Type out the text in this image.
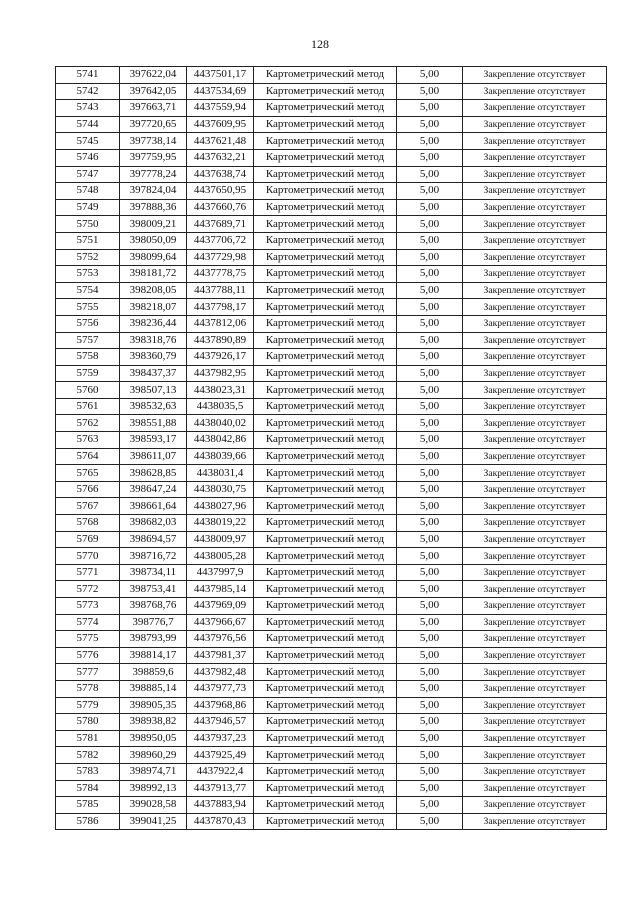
128
5741	397622,04	4437501,17	Картометрический метод	5,00	Закрепление отсутствует
5742	397642,05	4437534,69	Картометрический метод	5,00	Закрепление отсутствует
5743	397663,71	4437559,94	Картометрический метод	5,00	Закрепление отсутствует
5744	397720,65	4437609,95	Картометрический метод	5,00	Закрепление отсутствует
5745	397738,14	4437621,48	Картометрический метод	5,00	Закрепление отсутствует
5746	397759,95	4437632,21	Картометрический метод	5,00	Закрепление отсутствует
5747	397778,24	4437638,74	Картометрический метод	5,00	Закрепление отсутствует
5748	397824,04	4437650,95	Картометрический метод	5,00	Закрепление отсутствует
5749	397888,36	4437660,76	Картометрический метод	5,00	Закрепление отсутствует
5750	398009,21	4437689,71	Картометрический метод	5,00	Закрепление отсутствует
5751	398050,09	4437706,72	Картометрический метод	5,00	Закрепление отсутствует
5752	398099,64	4437729,98	Картометрический метод	5,00	Закрепление отсутствует
5753	398181,72	4437778,75	Картометрический метод	5,00	Закрепление отсутствует
5754	398208,05	4437788,11	Картометрический метод	5,00	Закрепление отсутствует
5755	398218,07	4437798,17	Картометрический метод	5,00	Закрепление отсутствует
5756	398236,44	4437812,06	Картометрический метод	5,00	Закрепление отсутствует
5757	398318,76	4437890,89	Картометрический метод	5,00	Закрепление отсутствует
5758	398360,79	4437926,17	Картометрический метод	5,00	Закрепление отсутствует
5759	398437,37	4437982,95	Картометрический метод	5,00	Закрепление отсутствует
5760	398507,13	4438023,31	Картометрический метод	5,00	Закрепление отсутствует
5761	398532,63	4438035,5	Картометрический метод	5,00	Закрепление отсутствует
5762	398551,88	4438040,02	Картометрический метод	5,00	Закрепление отсутствует
5763	398593,17	4438042,86	Картометрический метод	5,00	Закрепление отсутствует
5764	398611,07	4438039,66	Картометрический метод	5,00	Закрепление отсутствует
5765	398628,85	4438031,4	Картометрический метод	5,00	Закрепление отсутствует
5766	398647,24	4438030,75	Картометрический метод	5,00	Закрепление отсутствует
5767	398661,64	4438027,96	Картометрический метод	5,00	Закрепление отсутствует
5768	398682,03	4438019,22	Картометрический метод	5,00	Закрепление отсутствует
5769	398694,57	4438009,97	Картометрический метод	5,00	Закрепление отсутствует
5770	398716,72	4438005,28	Картометрический метод	5,00	Закрепление отсутствует
5771	398734,11	4437997,9	Картометрический метод	5,00	Закрепление отсутствует
5772	398753,41	4437985,14	Картометрический метод	5,00	Закрепление отсутствует
5773	398768,76	4437969,09	Картометрический метод	5,00	Закрепление отсутствует
5774	398776,7	4437966,67	Картометрический метод	5,00	Закрепление отсутствует
5775	398793,99	4437976,56	Картометрический метод	5,00	Закрепление отсутствует
5776	398814,17	4437981,37	Картометрический метод	5,00	Закрепление отсутствует
5777	398859,6	4437982,48	Картометрический метод	5,00	Закрепление отсутствует
5778	398885,14	4437977,73	Картометрический метод	5,00	Закрепление отсутствует
5779	398905,35	4437968,86	Картометрический метод	5,00	Закрепление отсутствует
5780	398938,82	4437946,57	Картометрический метод	5,00	Закрепление отсутствует
5781	398950,05	4437937,23	Картометрический метод	5,00	Закрепление отсутствует
5782	398960,29	4437925,49	Картометрический метод	5,00	Закрепление отсутствует
5783	398974,71	4437922,4	Картометрический метод	5,00	Закрепление отсутствует
5784	398992,13	4437913,77	Картометрический метод	5,00	Закрепление отсутствует
5785	399028,58	4437883,94	Картометрический метод	5,00	Закрепление отсутствует
5786	399041,25	4437870,43	Картометрический метод	5,00	Закрепление отсутствует
